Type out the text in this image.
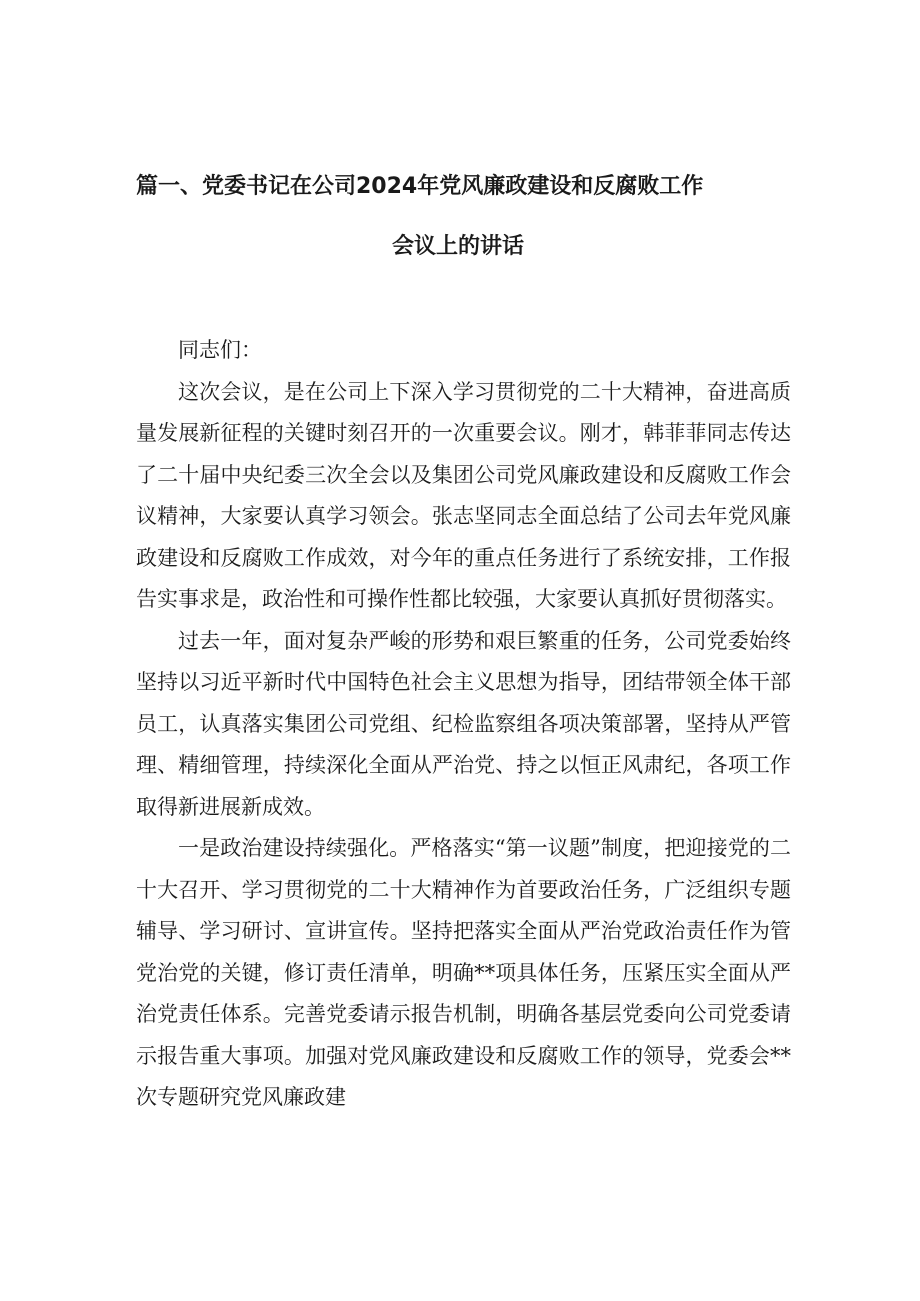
篇一、党委书记在公司2024年党风廉政建设和反腐败工作
会议上的讲话

同志们：

这次会议，是在公司上下深入学习贯彻党的二十大精神，奋进高质量发展新征程的关键时刻召开的一次重要会议。刚才，韩菲菲同志传达了二十届中央纪委三次全会以及集团公司党风廉政建设和反腐败工作会议精神，大家要认真学习领会。张志坚同志全面总结了公司去年党风廉政建设和反腐败工作成效，对今年的重点任务进行了系统安排，工作报告实事求是，政治性和可操作性都比较强，大家要认真抓好贯彻落实。

过去一年，面对复杂严峻的形势和艰巨繁重的任务，公司党委始终坚持以习近平新时代中国特色社会主义思想为指导，团结带领全体干部员工，认真落实集团公司党组、纪检监察组各项决策部署，坚持从严管理、精细管理，持续深化全面从严治党、持之以恒正风肃纪，各项工作取得新进展新成效。

一是政治建设持续强化。严格落实“第一议题”制度，把迎接党的二十大召开、学习贯彻党的二十大精神作为首要政治任务，广泛组织专题辅导、学习研讨、宣讲宣传。坚持把落实全面从严治党政治责任作为管党治党的关键，修订责任清单，明确**项具体任务，压紧压实全面从严治党责任体系。完善党委请示报告机制，明确各基层党委向公司党委请示报告重大事项。加强对党风廉政建设和反腐败工作的领导，党委会**次专题研究党风廉政建
